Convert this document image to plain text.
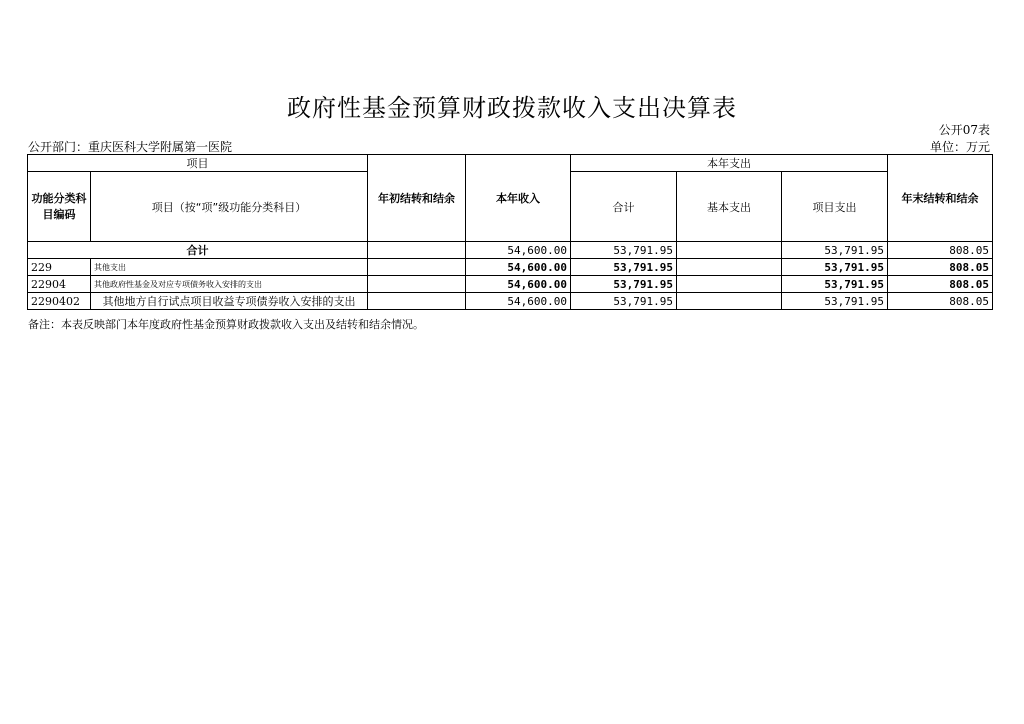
政府性基金预算财政拨款收入支出决算表
公开07表
公开部门：重庆医科大学附属第一医院	单位：万元
项目		年初结转和结余	本年收入	本年支出			年末结转和结余
功能分类科目编码	项目（按“项”级功能分类科目）			合计	基本支出	项目支出	
合计			54,600.00	53,791.95		53,791.95	808.05
229	其他支出		54,600.00	53,791.95		53,791.95	808.05
22904	其他政府性基金及对应专项债务收入安排的支出		54,600.00	53,791.95		53,791.95	808.05
2290402	其他地方自行试点项目收益专项债券收入安排的支出		54,600.00	53,791.95		53,791.95	808.05
备注：本表反映部门本年度政府性基金预算财政拨款收入支出及结转和结余情况。
